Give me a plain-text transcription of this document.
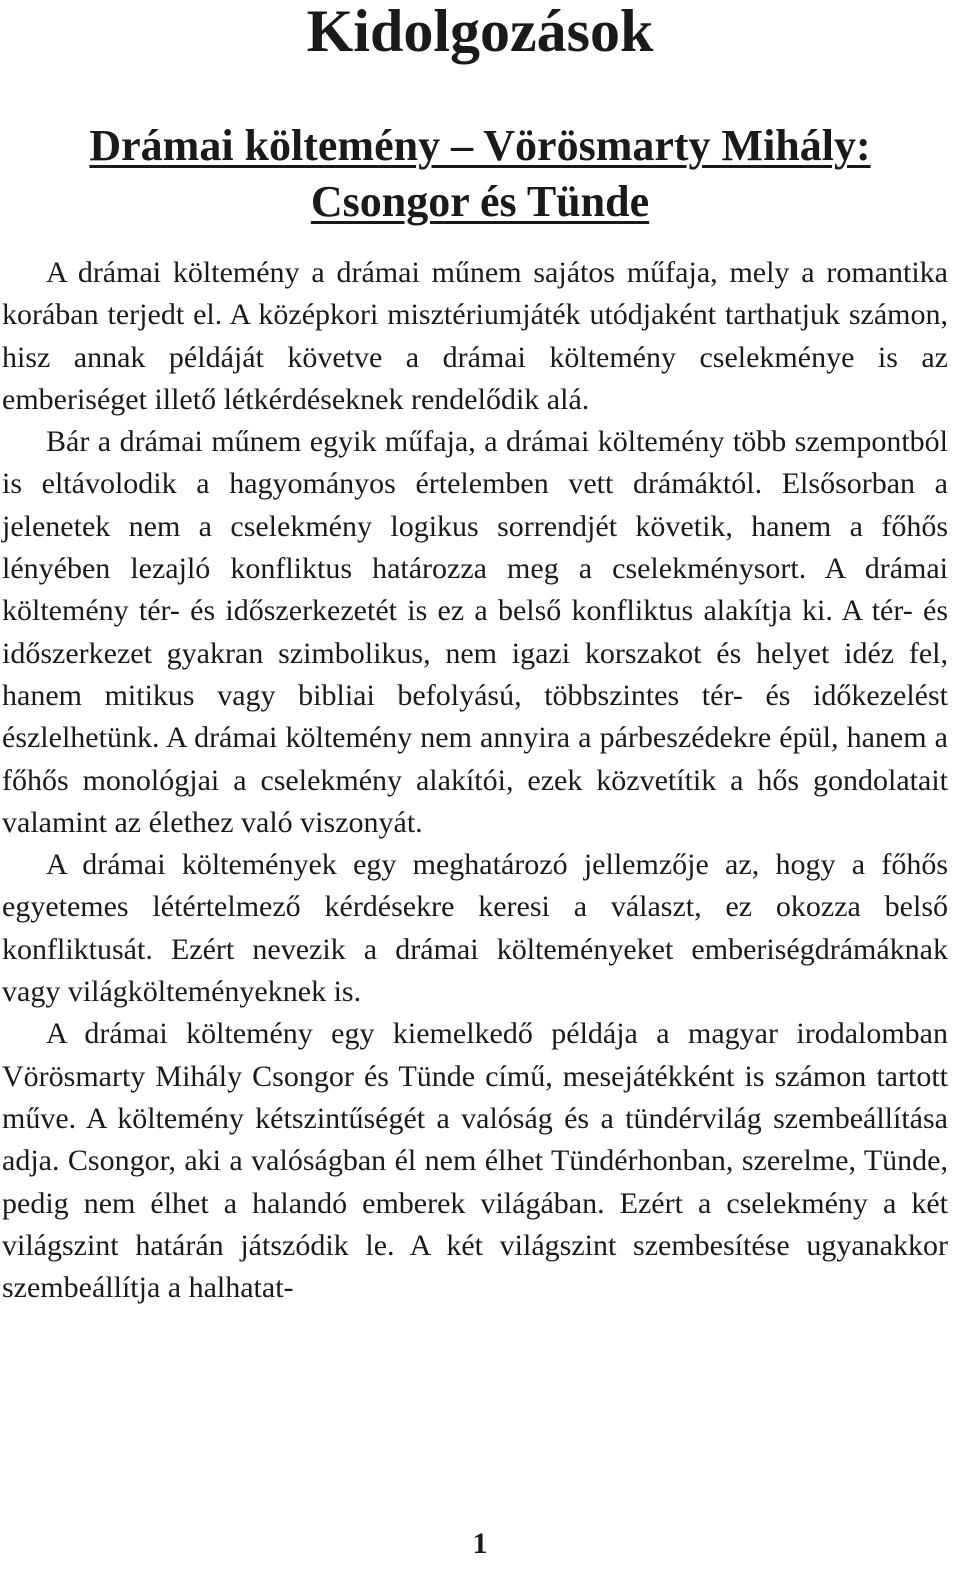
Kidolgozások
Drámai költemény – Vörösmarty Mihály:
Csongor és Tünde

A drámai költemény a drámai műnem sajátos műfaja, mely a romantika korában terjedt el. A középkori misztériumjáték utódjaként tarthatjuk számon, hisz annak példáját követve a drámai költemény cselekménye is az emberiséget illető létkérdéseknek rendelődik alá.

Bár a drámai műnem egyik műfaja, a drámai költemény több szempontból is eltávolodik a hagyományos értelemben vett drámáktól. Elsősorban a jelenetek nem a cselekmény logikus sorrendjét követik, hanem a főhős lényében lezajló konfliktus határozza meg a cselekménysort. A drámai költemény tér- és időszerkezetét is ez a belső konfliktus alakítja ki. A tér- és időszerkezet gyakran szimbolikus, nem igazi korszakot és helyet idéz fel, hanem mitikus vagy bibliai befolyású, többszintes tér- és időkezelést észlelhetünk. A drámai költemény nem annyira a párbeszédekre épül, hanem a főhős monológjai a cselekmény alakítói, ezek közvetítik a hős gondolatait valamint az élethez való viszonyát.

A drámai költemények egy meghatározó jellemzője az, hogy a főhős egyetemes létértelmező kérdésekre keresi a választ, ez okozza belső konfliktusát. Ezért nevezik a drámai költeményeket emberiségdrámáknak vagy világkölteményeknek is.

A drámai költemény egy kiemelkedő példája a magyar irodalomban Vörösmarty Mihály Csongor és Tünde című, mesejátékként is számon tartott műve. A költemény kétszintűségét a valóság és a tündérvilág szembeállítása adja. Csongor, aki a valóságban él nem élhet Tündérhonban, szerelme, Tünde, pedig nem élhet a halandó emberek világában. Ezért a cselekmény a két világszint határán játszódik le. A két világszint szembesítése ugyanakkor szembeállítja a halhatat-

1
